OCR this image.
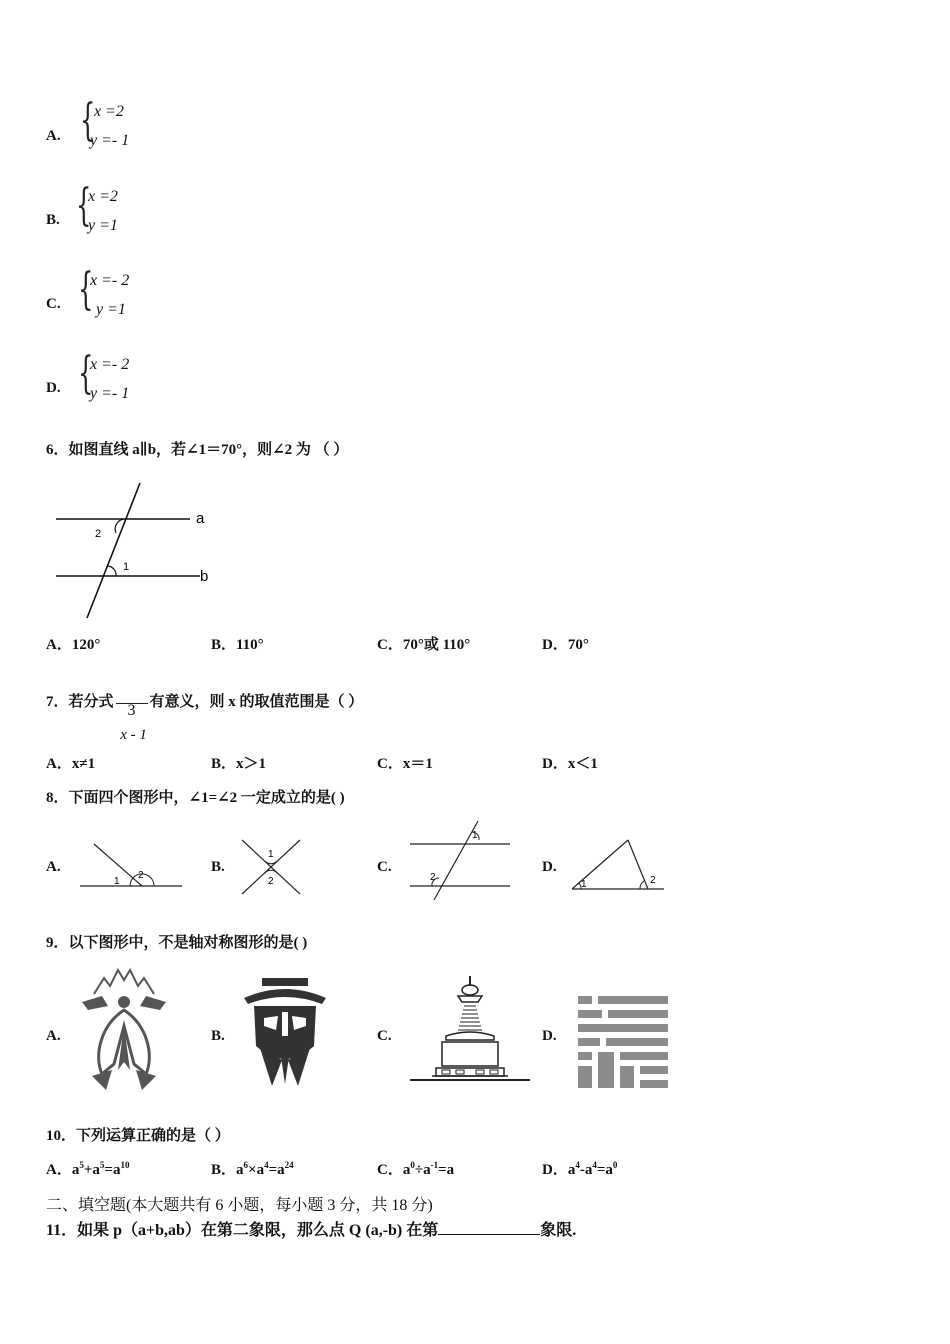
A. {
x =2
y =- 1
B. {
x =2
y =1
C. {
x =- 2
y =1
D. {
x =- 2
y =- 1
6．如图直线 a∥b，若∠1＝70°，则∠2 为 （ ）
a
b
1
2
A．120°	B．110°	C．70°或 110°	D．70°
7．若分式 3
x - 1
有意义，则 x 的取值范围是（ ）
A．x≠1	B．x＞1	C．x＝1	D．x＜1
8．下面四个图形中，∠1=∠2 一定成立的是( )
A.
1
2
B.
1
2
C.
1
2
D.
1	2
9．以下图形中，不是轴对称图形的是( )
A.	B.	C.	D.
10．下列运算正确的是（ ）
A．$a^5+a^5=a^{10}$	B．$a^6\times a^4=a^{24}$	C．$a^0\div a^{-1}=a$	D．$a^4-a^4=a^0$
二、填空题(本大题共有 6 小题，每小题 3 分，共 18 分)
11．如果 p（a+b,ab）在第二象限，那么点 Q (a,-b) 在第	象限.
